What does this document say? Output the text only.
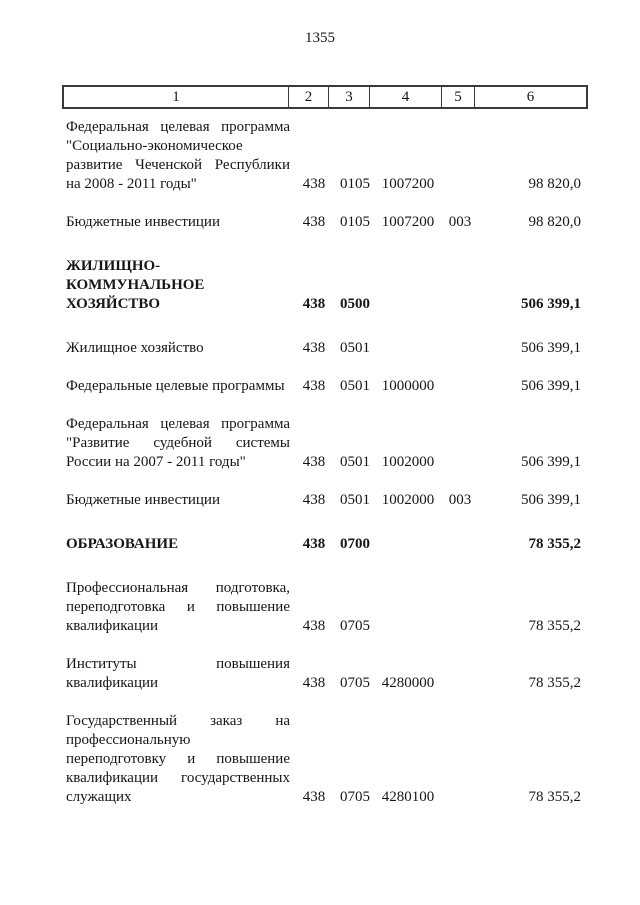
1355
1	2	3	4	5	6
Федеральная целевая программа "Социально-экономическое развитие Чеченской Республики на 2008 - 2011 годы"	438 0105 1007200	98 820,0
Бюджетные инвестиции	438 0105 1007200 003	98 820,0
ЖИЛИЩНО-КОММУНАЛЬНОЕ ХОЗЯЙСТВО	438 0500	506 399,1
Жилищное хозяйство	438 0501	506 399,1
Федеральные целевые программы	438 0501 1000000	506 399,1
Федеральная целевая программа "Развитие судебной системы России на 2007 - 2011 годы"	438 0501 1002000	506 399,1
Бюджетные инвестиции	438 0501 1002000 003	506 399,1
ОБРАЗОВАНИЕ	438 0700	78 355,2
Профессиональная подготовка, переподготовка и повышение квалификации	438 0705	78 355,2
Институты повышения квалификации	438 0705 4280000	78 355,2
Государственный заказ на профессиональную переподготовку и повышение квалификации государственных служащих	438 0705 4280100	78 355,2
